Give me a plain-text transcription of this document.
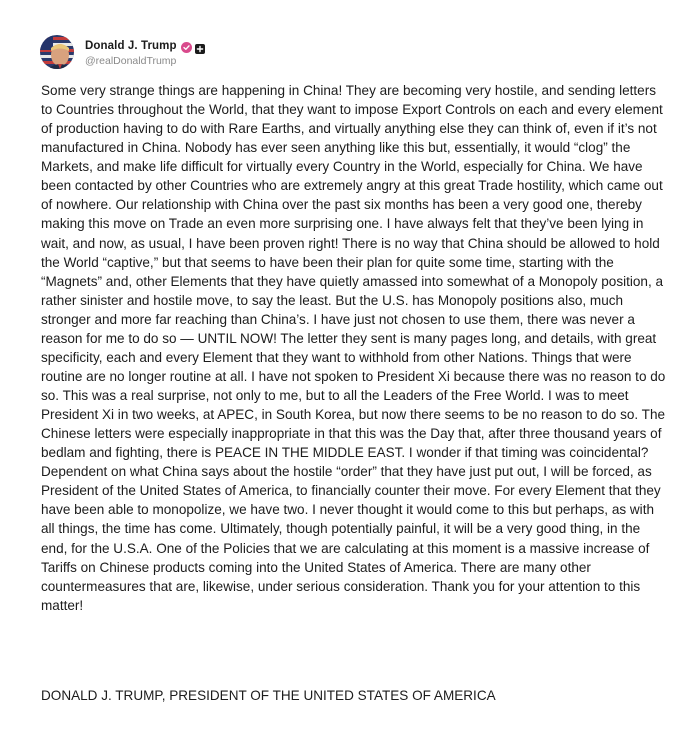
Donald J. Trump
@realDonaldTrump

Some very strange things are happening in China! They are becoming very hostile, and sending letters to Countries throughout the World, that they want to impose Export Controls on each and every element of production having to do with Rare Earths, and virtually anything else they can think of, even if it’s not manufactured in China. Nobody has ever seen anything like this but, essentially, it would “clog” the Markets, and make life difficult for virtually every Country in the World, especially for China. We have been contacted by other Countries who are extremely angry at this great Trade hostility, which came out of nowhere. Our relationship with China over the past six months has been a very good one, thereby making this move on Trade an even more surprising one. I have always felt that they’ve been lying in wait, and now, as usual, I have been proven right! There is no way that China should be allowed to hold the World “captive,” but that seems to have been their plan for quite some time, starting with the “Magnets” and, other Elements that they have quietly amassed into somewhat of a Monopoly position, a rather sinister and hostile move, to say the least. But the U.S. has Monopoly positions also, much stronger and more far reaching than China’s. I have just not chosen to use them, there was never a reason for me to do so — UNTIL NOW! The letter they sent is many pages long, and details, with great specificity, each and every Element that they want to withhold from other Nations. Things that were routine are no longer routine at all. I have not spoken to President Xi because there was no reason to do so. This was a real surprise, not only to me, but to all the Leaders of the Free World. I was to meet President Xi in two weeks, at APEC, in South Korea, but now there seems to be no reason to do so. The Chinese letters were especially inappropriate in that this was the Day that, after three thousand years of bedlam and fighting, there is PEACE IN THE MIDDLE EAST. I wonder if that timing was coincidental? Dependent on what China says about the hostile “order” that they have just put out, I will be forced, as President of the United States of America, to financially counter their move. For every Element that they have been able to monopolize, we have two. I never thought it would come to this but perhaps, as with all things, the time has come. Ultimately, though potentially painful, it will be a very good thing, in the end, for the U.S.A. One of the Policies that we are calculating at this moment is a massive increase of Tariffs on Chinese products coming into the United States of America. There are many other countermeasures that are, likewise, under serious consideration. Thank you for your attention to this matter!

DONALD J. TRUMP, PRESIDENT OF THE UNITED STATES OF AMERICA
